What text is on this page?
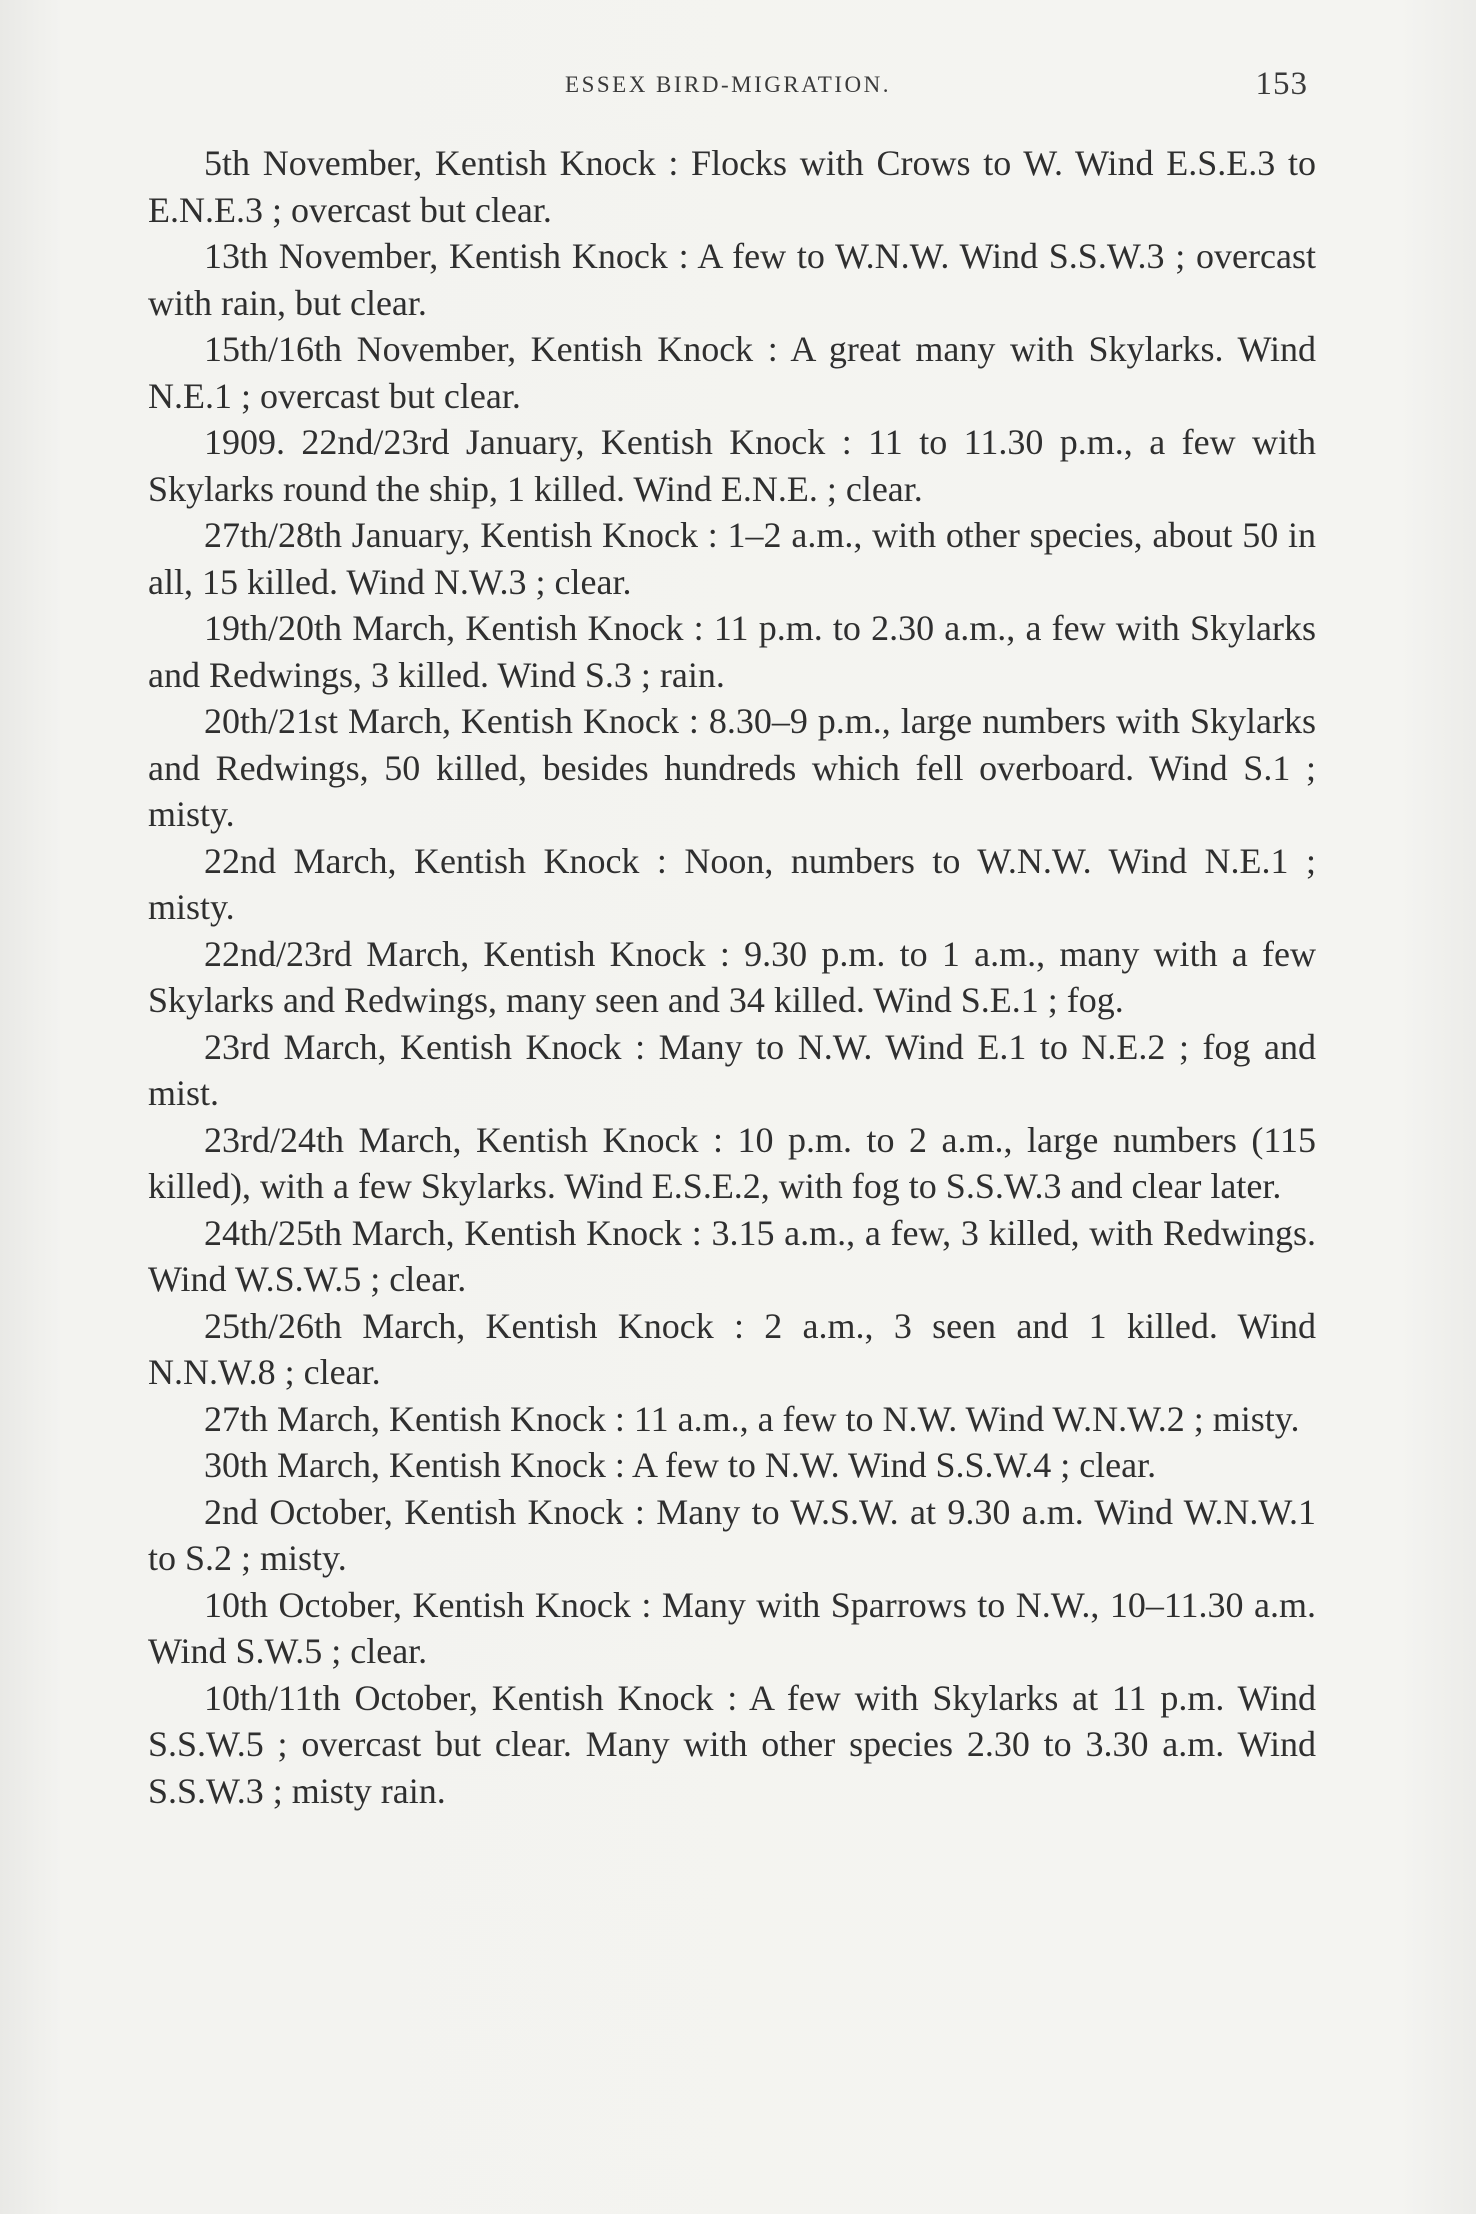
ESSEX BIRD-MIGRATION.	153

5th November, Kentish Knock : Flocks with Crows to W. Wind E.S.E.3 to E.N.E.3 ; overcast but clear.

13th November, Kentish Knock : A few to W.N.W. Wind S.S.W.3 ; overcast with rain, but clear.

15th/16th November, Kentish Knock : A great many with Skylarks. Wind N.E.1 ; overcast but clear.

1909. 22nd/23rd January, Kentish Knock : 11 to 11.30 p.m., a few with Skylarks round the ship, 1 killed. Wind E.N.E. ; clear.

27th/28th January, Kentish Knock : 1–2 a.m., with other species, about 50 in all, 15 killed. Wind N.W.3 ; clear.

19th/20th March, Kentish Knock : 11 p.m. to 2.30 a.m., a few with Skylarks and Redwings, 3 killed. Wind S.3 ; rain.

20th/21st March, Kentish Knock : 8.30–9 p.m., large numbers with Skylarks and Redwings, 50 killed, besides hundreds which fell overboard. Wind S.1 ; misty.

22nd March, Kentish Knock : Noon, numbers to W.N.W. Wind N.E.1 ; misty.

22nd/23rd March, Kentish Knock : 9.30 p.m. to 1 a.m., many with a few Skylarks and Redwings, many seen and 34 killed. Wind S.E.1 ; fog.

23rd March, Kentish Knock : Many to N.W. Wind E.1 to N.E.2 ; fog and mist.

23rd/24th March, Kentish Knock : 10 p.m. to 2 a.m., large numbers (115 killed), with a few Skylarks. Wind E.S.E.2, with fog to S.S.W.3 and clear later.

24th/25th March, Kentish Knock : 3.15 a.m., a few, 3 killed, with Redwings. Wind W.S.W.5 ; clear.

25th/26th March, Kentish Knock : 2 a.m., 3 seen and 1 killed. Wind N.N.W.8 ; clear.

27th March, Kentish Knock : 11 a.m., a few to N.W. Wind W.N.W.2 ; misty.

30th March, Kentish Knock : A few to N.W. Wind S.S.W.4 ; clear.

2nd October, Kentish Knock : Many to W.S.W. at 9.30 a.m. Wind W.N.W.1 to S.2 ; misty.

10th October, Kentish Knock : Many with Sparrows to N.W., 10–11.30 a.m. Wind S.W.5 ; clear.

10th/11th October, Kentish Knock : A few with Skylarks at 11 p.m. Wind S.S.W.5 ; overcast but clear. Many with other species 2.30 to 3.30 a.m. Wind S.S.W.3 ; misty rain.
